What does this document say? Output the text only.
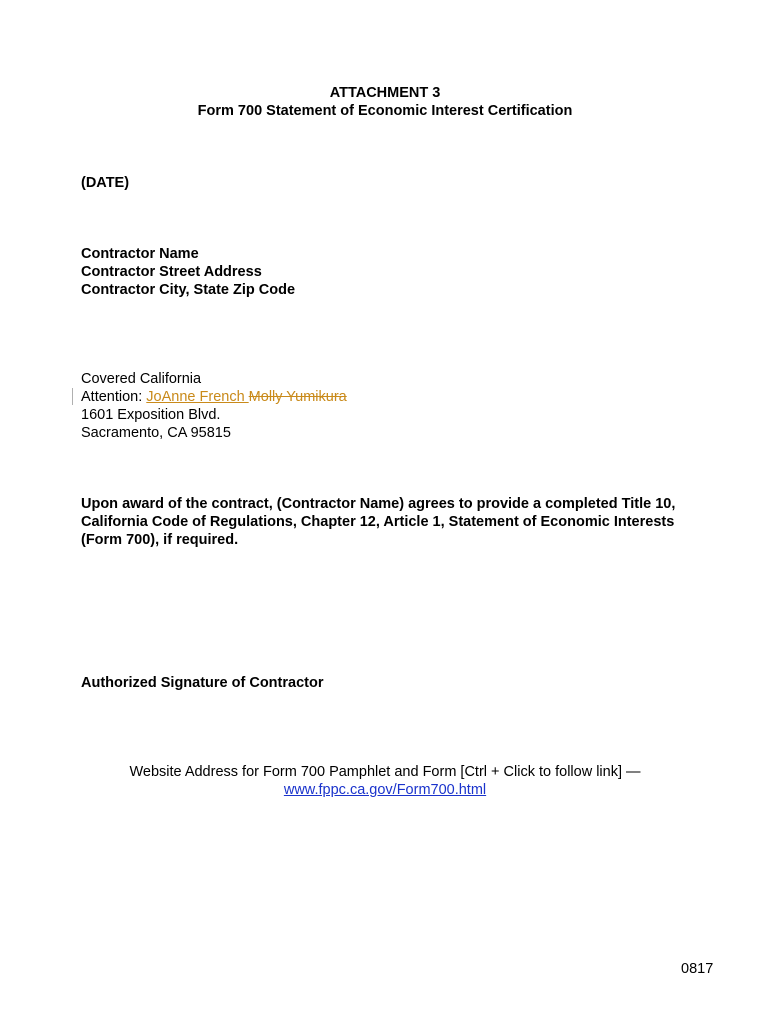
ATTACHMENT 3
Form 700 Statement of Economic Interest Certification
(DATE)
Contractor Name
Contractor Street Address
Contractor City, State Zip Code
Covered California
Attention: JoAnne French Molly Yumikura
1601 Exposition Blvd.
Sacramento, CA 95815
Upon award of the contract, (Contractor Name) agrees to provide a completed Title 10,
California Code of Regulations, Chapter 12, Article 1, Statement of Economic Interests
(Form 700), if required.
Authorized Signature of Contractor
Website Address for Form 700 Pamphlet and Form [Ctrl + Click to follow link] —
www.fppc.ca.gov/Form700.html
0817
